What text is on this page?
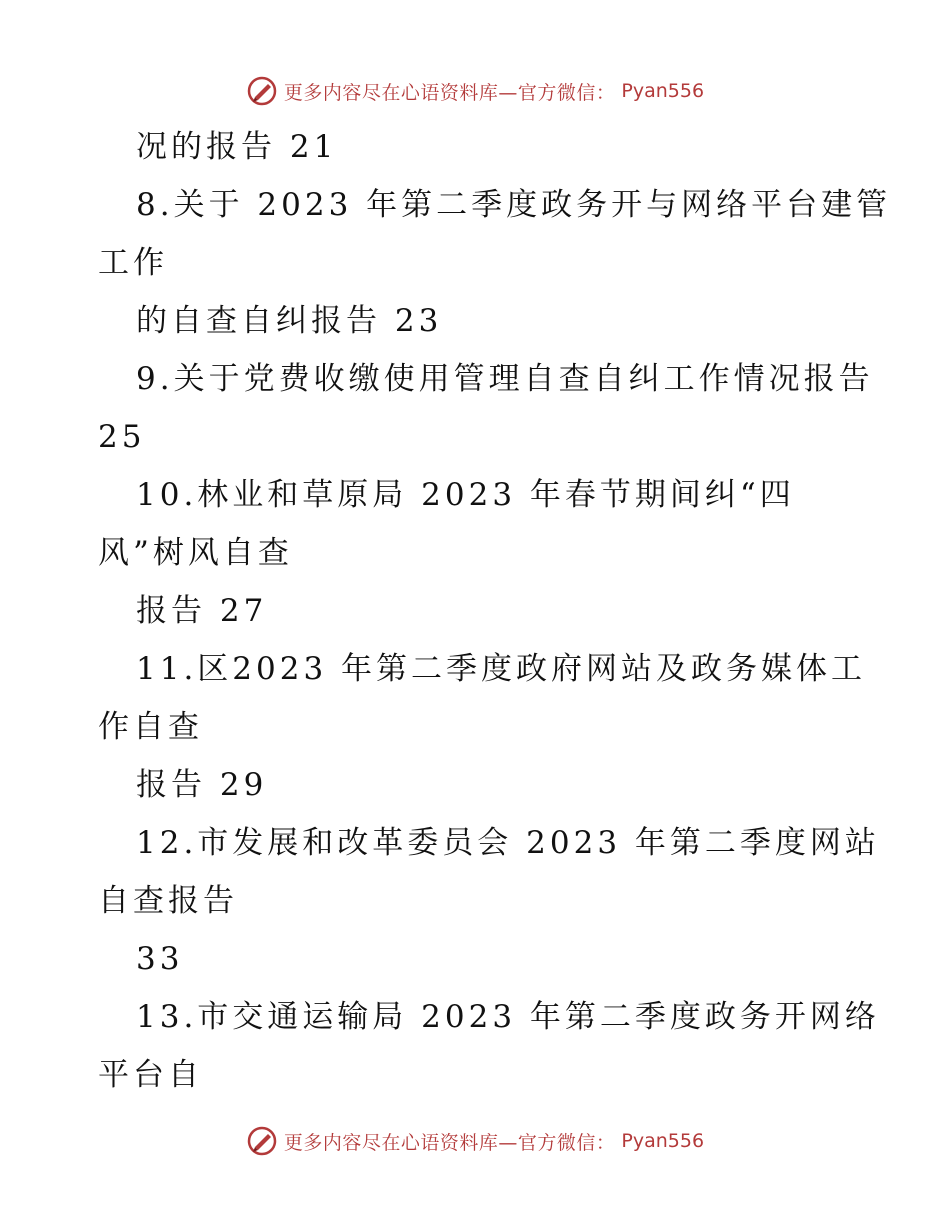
更多内容尽在心语资料库—官方微信： Pyan556
况的报告 21
8.关于 2023 年第二季度政务开与网络平台建管
工作
的自查自纠报告 23
9.关于党费收缴使用管理自查自纠工作情况报告
25
10.林业和草原局 2023 年春节期间纠“四
风”树风自查
报告 27
11.区2023 年第二季度政府网站及政务媒体工
作自查
报告 29
12.市发展和改革委员会 2023 年第二季度网站
自查报告
33
13.市交通运输局 2023 年第二季度政务开网络
平台自
更多内容尽在心语资料库—官方微信： Pyan556
